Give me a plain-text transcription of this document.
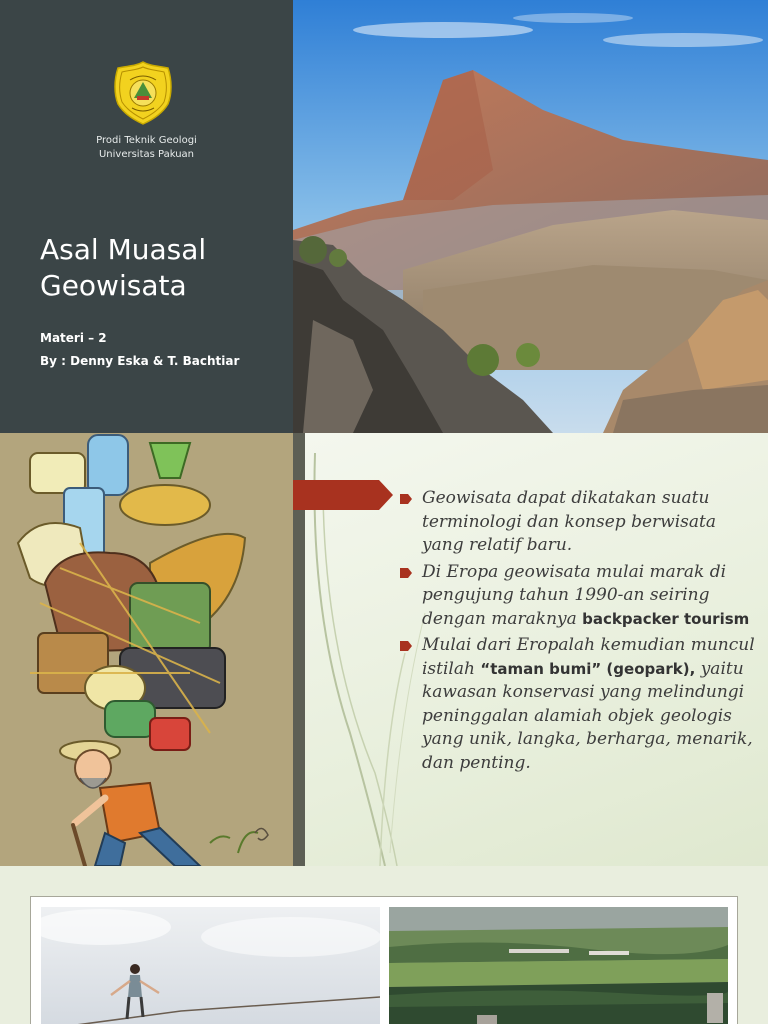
Prodi Teknik Geologi
Universitas Pakuan
Asal Muasal
Geowisata
Materi – 2
By : Denny Eska & T. Bachtiar
Geowisata dapat dikatakan suatu terminologi dan konsep berwisata yang relatif baru.
Di Eropa geowisata mulai marak di pengujung tahun 1990-an seiring dengan maraknya backpacker tourism
Mulai dari Eropalah kemudian muncul istilah “taman bumi” (geopark), yaitu kawasan konservasi yang melindungi peninggalan alamiah objek geologis yang unik, langka, berharga, menarik, dan penting.
